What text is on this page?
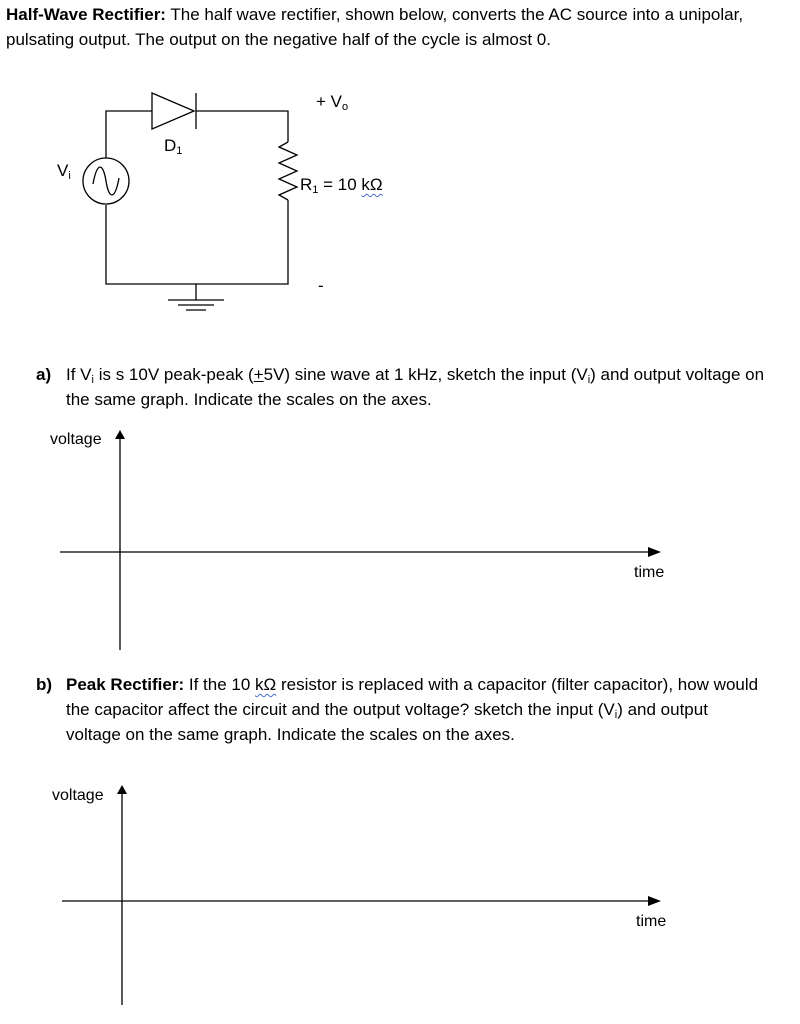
Half-Wave Rectifier: The half wave rectifier, shown below, converts the AC source into a unipolar, pulsating output. The output on the negative half of the cycle is almost 0.

$V_i$
$D_1$
+ $V_o$
$R_1 = 10$ kΩ
-
a) If $V_i$ is s 10V peak-peak (+5V) sine wave at 1 kHz, sketch the input $(V_i)$ and output voltage on the same graph. Indicate the scales on the axes.
voltage
time
b) Peak Rectifier: If the 10 kΩ resistor is replaced with a capacitor (filter capacitor), how would the capacitor affect the circuit and the output voltage? sketch the input $(V_i)$ and output voltage on the same graph. Indicate the scales on the axes.
voltage
time
